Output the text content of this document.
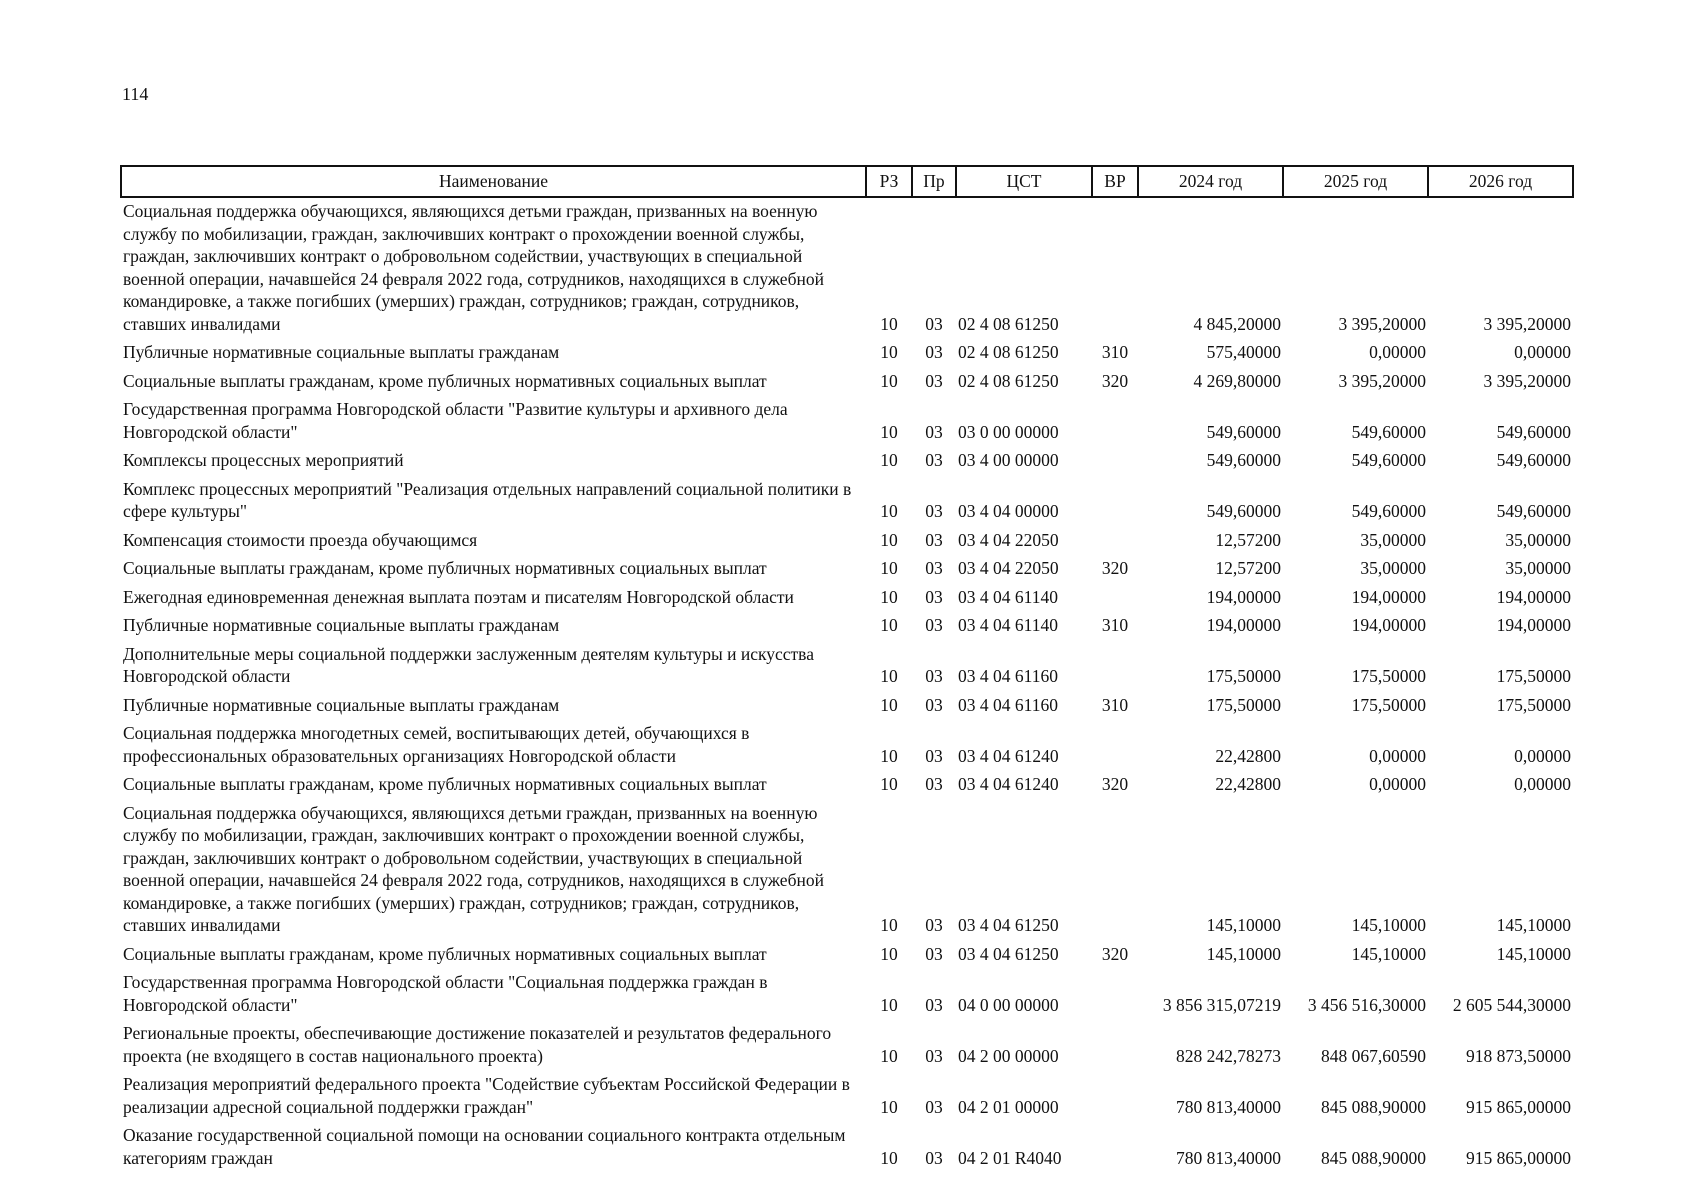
114
Наименование	РЗ	Пр	ЦСТ	ВР	2024 год	2025 год	2026 год
Социальная поддержка обучающихся, являющихся детьми граждан, призванных на военную службу по мобилизации, граждан, заключивших контракт о прохождении военной службы, граждан, заключивших контракт о добровольном содействии, участвующих в специальной военной операции, начавшейся 24 февраля 2022 года, сотрудников, находящихся в служебной командировке, а также погибших (умерших) граждан, сотрудников; граждан, сотрудников, ставших инвалидами	10	03	02 4 08 61250		4 845,20000	3 395,20000	3 395,20000
Публичные нормативные социальные выплаты гражданам	10	03	02 4 08 61250	310	575,40000	0,00000	0,00000
Социальные выплаты гражданам, кроме публичных нормативных социальных выплат	10	03	02 4 08 61250	320	4 269,80000	3 395,20000	3 395,20000
Государственная программа Новгородской области "Развитие культуры и архивного дела Новгородской области"	10	03	03 0 00 00000		549,60000	549,60000	549,60000
Комплексы процессных мероприятий	10	03	03 4 00 00000		549,60000	549,60000	549,60000
Комплекс процессных мероприятий "Реализация отдельных направлений социальной политики в сфере культуры"	10	03	03 4 04 00000		549,60000	549,60000	549,60000
Компенсация стоимости проезда обучающимся	10	03	03 4 04 22050		12,57200	35,00000	35,00000
Социальные выплаты гражданам, кроме публичных нормативных социальных выплат	10	03	03 4 04 22050	320	12,57200	35,00000	35,00000
Ежегодная единовременная денежная выплата поэтам и писателям Новгородской области	10	03	03 4 04 61140		194,00000	194,00000	194,00000
Публичные нормативные социальные выплаты гражданам	10	03	03 4 04 61140	310	194,00000	194,00000	194,00000
Дополнительные меры социальной поддержки заслуженным деятелям культуры и искусства Новгородской области	10	03	03 4 04 61160		175,50000	175,50000	175,50000
Публичные нормативные социальные выплаты гражданам	10	03	03 4 04 61160	310	175,50000	175,50000	175,50000
Социальная поддержка многодетных семей, воспитывающих детей, обучающихся в профессиональных образовательных организациях Новгородской области	10	03	03 4 04 61240		22,42800	0,00000	0,00000
Социальные выплаты гражданам, кроме публичных нормативных социальных выплат	10	03	03 4 04 61240	320	22,42800	0,00000	0,00000
Социальная поддержка обучающихся, являющихся детьми граждан, призванных на военную службу по мобилизации, граждан, заключивших контракт о прохождении военной службы, граждан, заключивших контракт о добровольном содействии, участвующих в специальной военной операции, начавшейся 24 февраля 2022 года, сотрудников, находящихся в служебной командировке, а также погибших (умерших) граждан, сотрудников; граждан, сотрудников, ставших инвалидами	10	03	03 4 04 61250		145,10000	145,10000	145,10000
Социальные выплаты гражданам, кроме публичных нормативных социальных выплат	10	03	03 4 04 61250	320	145,10000	145,10000	145,10000
Государственная программа Новгородской области "Социальная поддержка граждан в Новгородской области"	10	03	04 0 00 00000		3 856 315,07219	3 456 516,30000	2 605 544,30000
Региональные проекты, обеспечивающие достижение показателей и результатов федерального проекта (не входящего в состав национального проекта)	10	03	04 2 00 00000		828 242,78273	848 067,60590	918 873,50000
Реализация мероприятий федерального проекта "Содействие субъектам Российской Федерации в реализации адресной социальной поддержки граждан"	10	03	04 2 01 00000		780 813,40000	845 088,90000	915 865,00000
Оказание государственной социальной помощи на основании социального контракта отдельным категориям граждан	10	03	04 2 01 R4040		780 813,40000	845 088,90000	915 865,00000
